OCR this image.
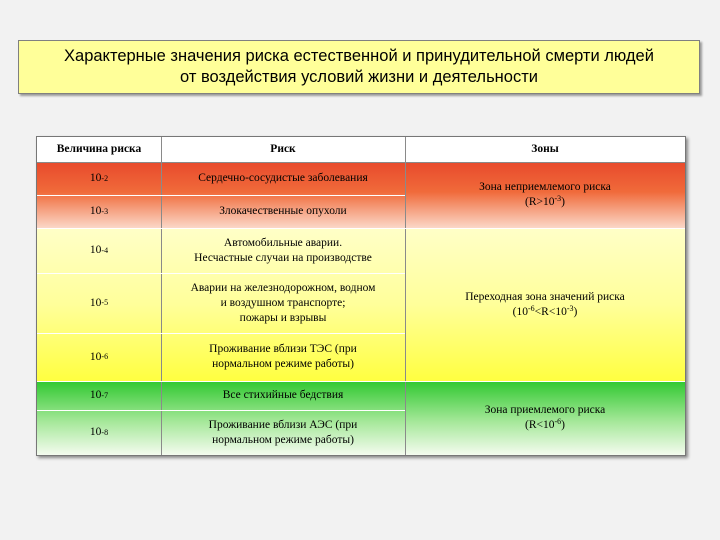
Характерные значения риска естественной и принудительной смерти людей
от воздействия условий жизни и деятельности
Величина риска	Риск	Зоны
10 -2
10 -3
10 -4
10 -5
10 -6
10 -7
10 -8
Сердечно-сосудистые заболевания
Злокачественные опухоли
Автомобильные аварии.
Несчастные случаи на производстве
Аварии на железнодорожном, водном
и воздушном транспорте;
пожары и взрывы
Проживание вблизи ТЭС (при
нормальном режиме работы)
Все стихийные бедствия
Проживание вблизи АЭС (при
нормальном режиме работы)
Зона неприемлемого риска
$(R>10^{-3})$
Переходная зона значений риска
$(10^{-6}<R<10^{-3})$
Зона приемлемого риска
$(R<10^{-6})$
